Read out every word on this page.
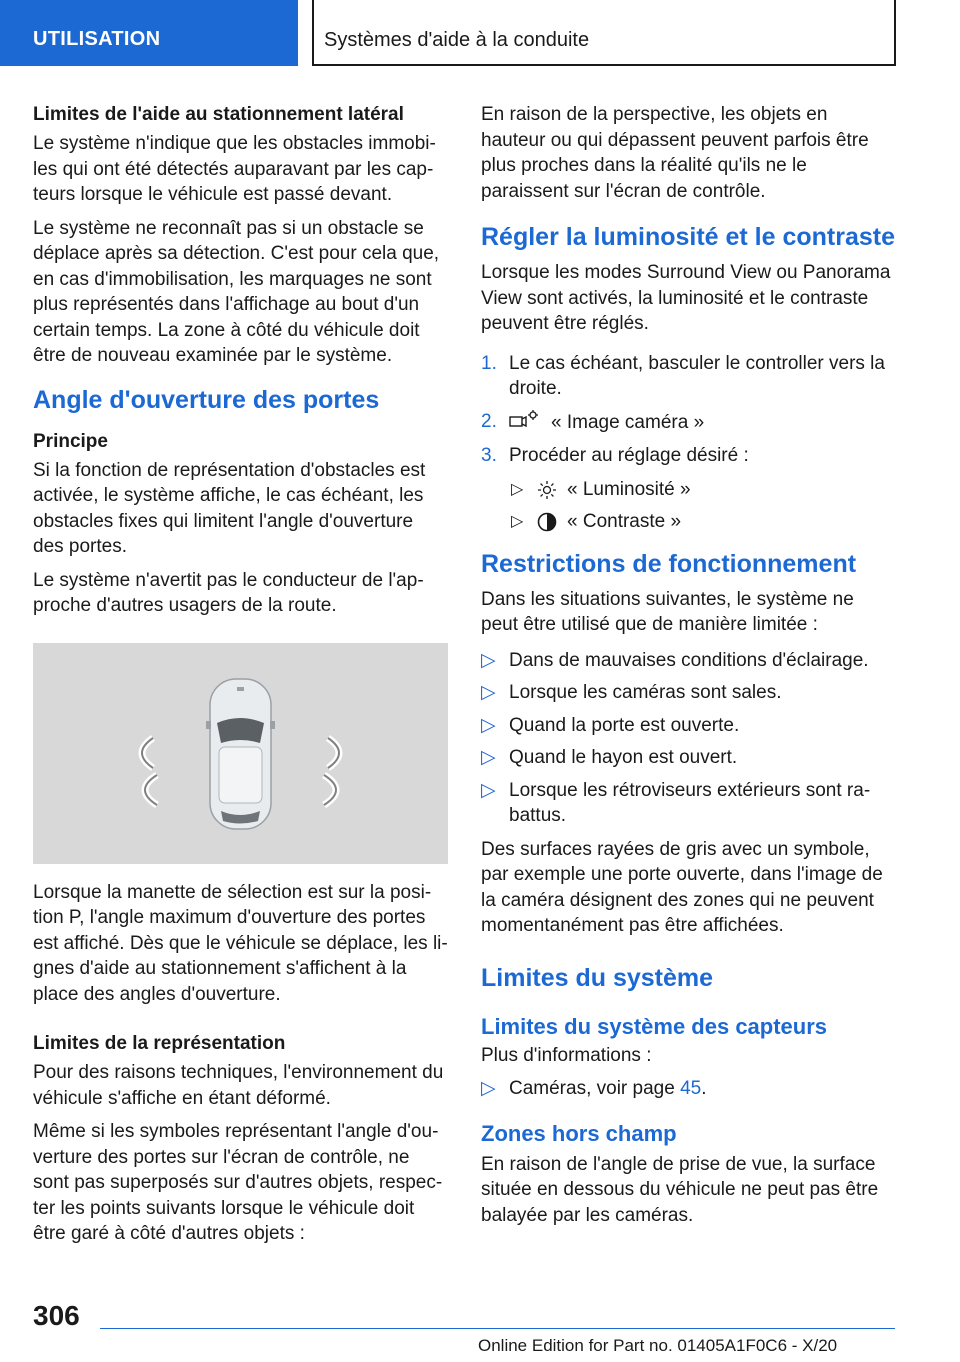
UTILISATION	Systèmes d'aide à la conduite
Limites de l'aide au stationnement latéral

Le système n'indique que les obstacles immobiles qui ont été détectés auparavant par les capteurs lorsque le véhicule est passé devant.

Le système ne reconnaît pas si un obstacle se déplace après sa détection. C'est pour cela que, en cas d'immobilisation, les marquages ne sont plus représentés dans l'affichage au bout d'un certain temps. La zone à côté du véhicule doit être de nouveau examinée par le système.

Angle d'ouverture des portes
Principe

Si la fonction de représentation d'obstacles est activée, le système affiche, le cas échéant, les obstacles fixes qui limitent l'angle d'ouverture des portes.

Le système n'avertit pas le conducteur de l'approche d'autres usagers de la route.

Lorsque la manette de sélection est sur la position P, l'angle maximum d'ouverture des portes est affiché. Dès que le véhicule se déplace, les lignes d'aide au stationnement s'affichent à la place des angles d'ouverture.

Limites de la représentation

Pour des raisons techniques, l'environnement du véhicule s'affiche en étant déformé.

Même si les symboles représentant l'angle d'ouverture des portes sur l'écran de contrôle, ne sont pas superposés sur d'autres objets, respecter les points suivants lorsque le véhicule doit être garé à côté d'autres objets :

En raison de la perspective, les objets en hauteur ou qui dépassent peuvent parfois être plus proches dans la réalité qu'ils ne le paraissent sur l'écran de contrôle.

Régler la luminosité et le contraste

Lorsque les modes Surround View ou Panorama View sont activés, la luminosité et le contraste peuvent être réglés.

1. Le cas échéant, basculer le controller vers la droite.
2.	« Image caméra »
3. Procéder au réglage désiré :
▷ « Luminosité »
▷ « Contraste »
Restrictions de fonctionnement

Dans les situations suivantes, le système ne peut être utilisé que de manière limitée :

▷ Dans de mauvaises conditions d'éclairage.
▷ Lorsque les caméras sont sales.
▷ Quand la porte est ouverte.
▷ Quand le hayon est ouvert.
▷ Lorsque les rétroviseurs extérieurs sont rabattus.

Des surfaces rayées de gris avec un symbole, par exemple une porte ouverte, dans l'image de la caméra désignent des zones qui ne peuvent momentanément pas être affichées.

Limites du système
Limites du système des capteurs

Plus d'informations :

▷ Caméras, voir page 45.
Zones hors champ

En raison de l'angle de prise de vue, la surface située en dessous du véhicule ne peut pas être balayée par les caméras.

306
Online Edition for Part no. 01405A1F0C6 - X/20
